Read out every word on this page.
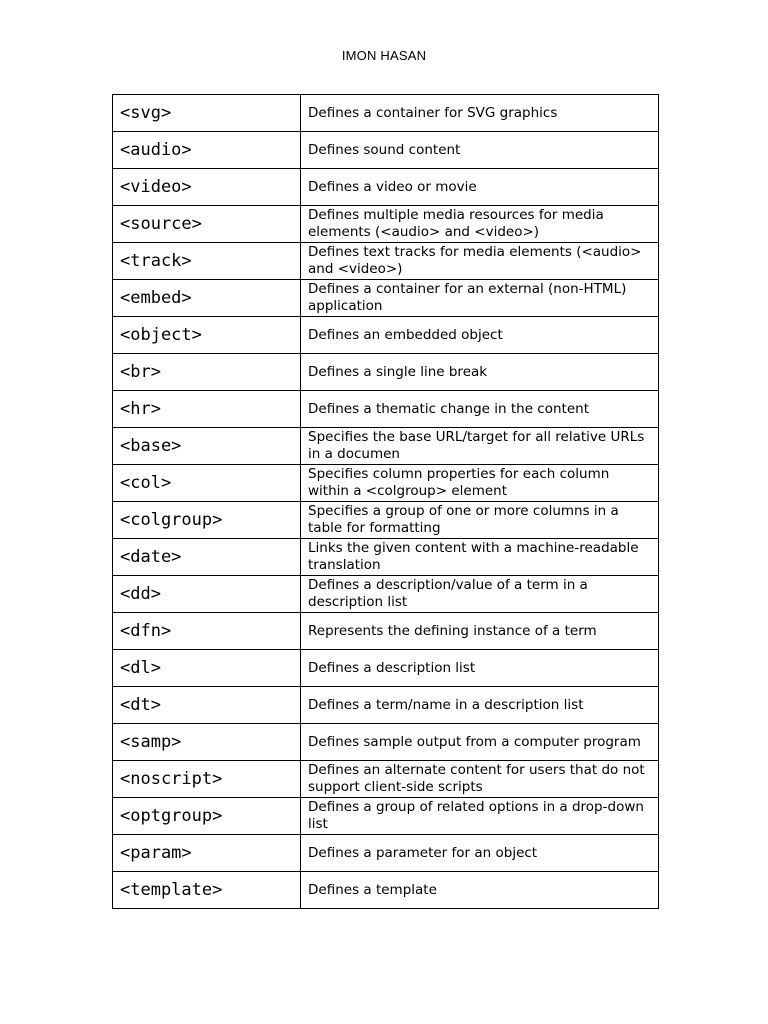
IMON HASAN
<svg>	Defines a container for SVG graphics
<audio>	Defines sound content
<video>	Defines a video or movie
<source>	Defines multiple media resources for media elements (<audio> and <video>)
<track>	Defines text tracks for media elements (<audio> and <video>)
<embed>	Defines a container for an external (non-HTML) application
<object>	Defines an embedded object
<br>	Defines a single line break
<hr>	Defines a thematic change in the content
<base>	Specifies the base URL/target for all relative URLs in a documen
<col>	Specifies column properties for each column within a <colgroup> element
<colgroup>	Specifies a group of one or more columns in a table for formatting
<date>	Links the given content with a machine-readable translation
<dd>	Defines a description/value of a term in a description list
<dfn>	Represents the defining instance of a term
<dl>	Defines a description list
<dt>	Defines a term/name in a description list
<samp>	Defines sample output from a computer program
<noscript>	Defines an alternate content for users that do not support client-side scripts
<optgroup>	Defines a group of related options in a drop-down list
<param>	Defines a parameter for an object
<template>	Defines a template
